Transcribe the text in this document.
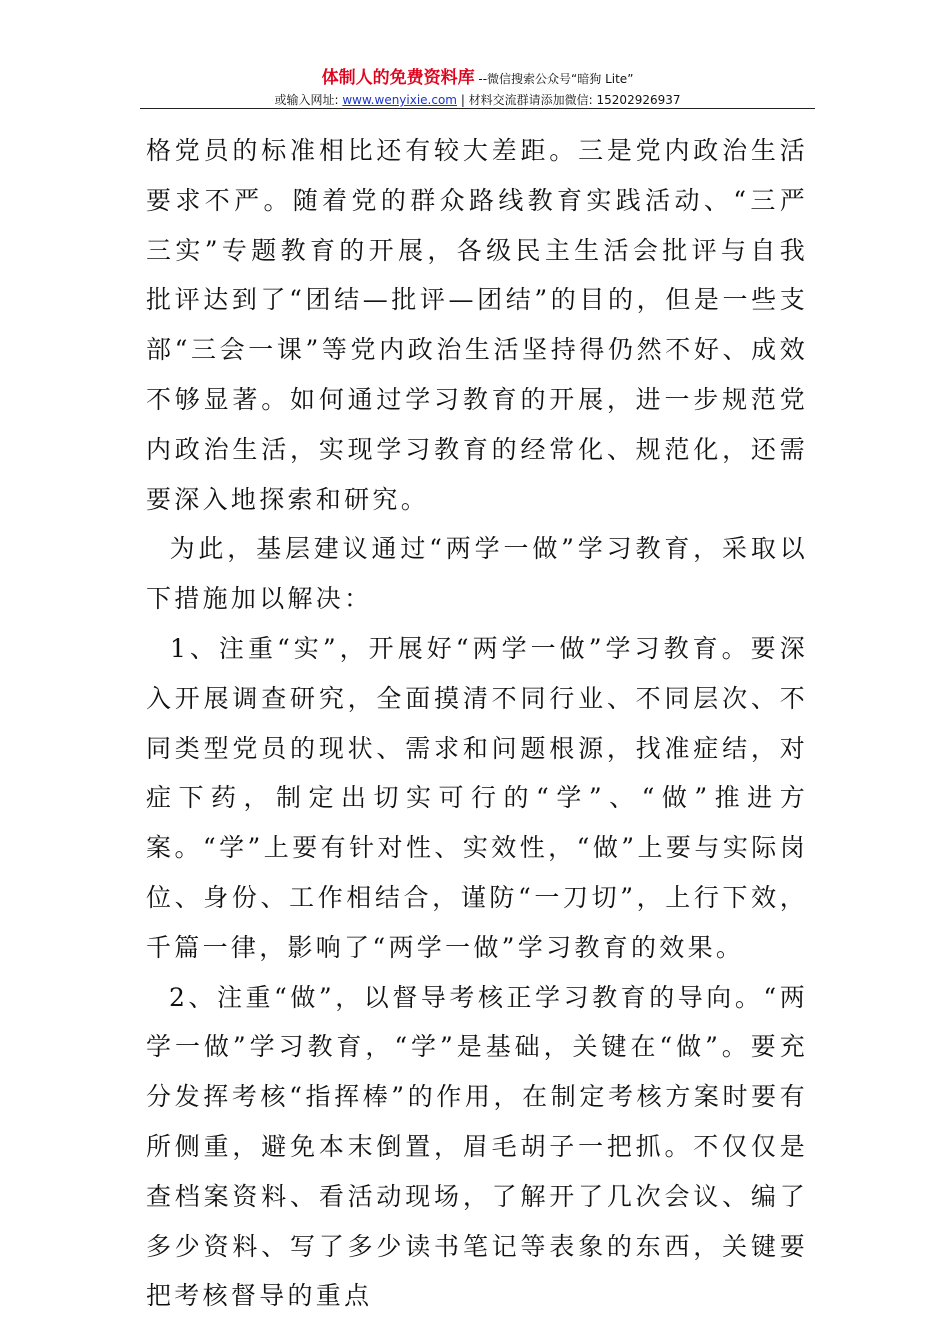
体制人的免费资料库 --微信搜索公众号“暗狗 Lite”
或输入网址: www.wenyixie.com | 材料交流群请添加微信: 15202926937

格党员的标准相比还有较大差距。三是党内政治生活要求不严。随着党的群众路线教育实践活动、“三严三实”专题教育的开展，各级民主生活会批评与自我批评达到了“团结—批评—团结”的目的，但是一些支部“三会一课”等党内政治生活坚持得仍然不好、成效不够显著。如何通过学习教育的开展，进一步规范党内政治生活，实现学习教育的经常化、规范化，还需要深入地探索和研究。

为此，基层建议通过“两学一做”学习教育，采取以下措施加以解决：

1、注重“实”，开展好“两学一做”学习教育。要深入开展调查研究，全面摸清不同行业、不同层次、不同类型党员的现状、需求和问题根源，找准症结，对症下药，制定出切实可行的“学”、“做”推进方案。“学”上要有针对性、实效性，“做”上要与实际岗位、身份、工作相结合，谨防“一刀切”，上行下效，千篇一律，影响了“两学一做”学习教育的效果。

2、注重“做”，以督导考核正学习教育的导向。“两学一做”学习教育，“学”是基础，关键在“做”。要充分发挥考核“指挥棒”的作用，在制定考核方案时要有所侧重，避免本末倒置，眉毛胡子一把抓。不仅仅是查档案资料、看活动现场，了解开了几次会议、编了多少资料、写了多少读书笔记等表象的东西，关键要把考核督导的重点
